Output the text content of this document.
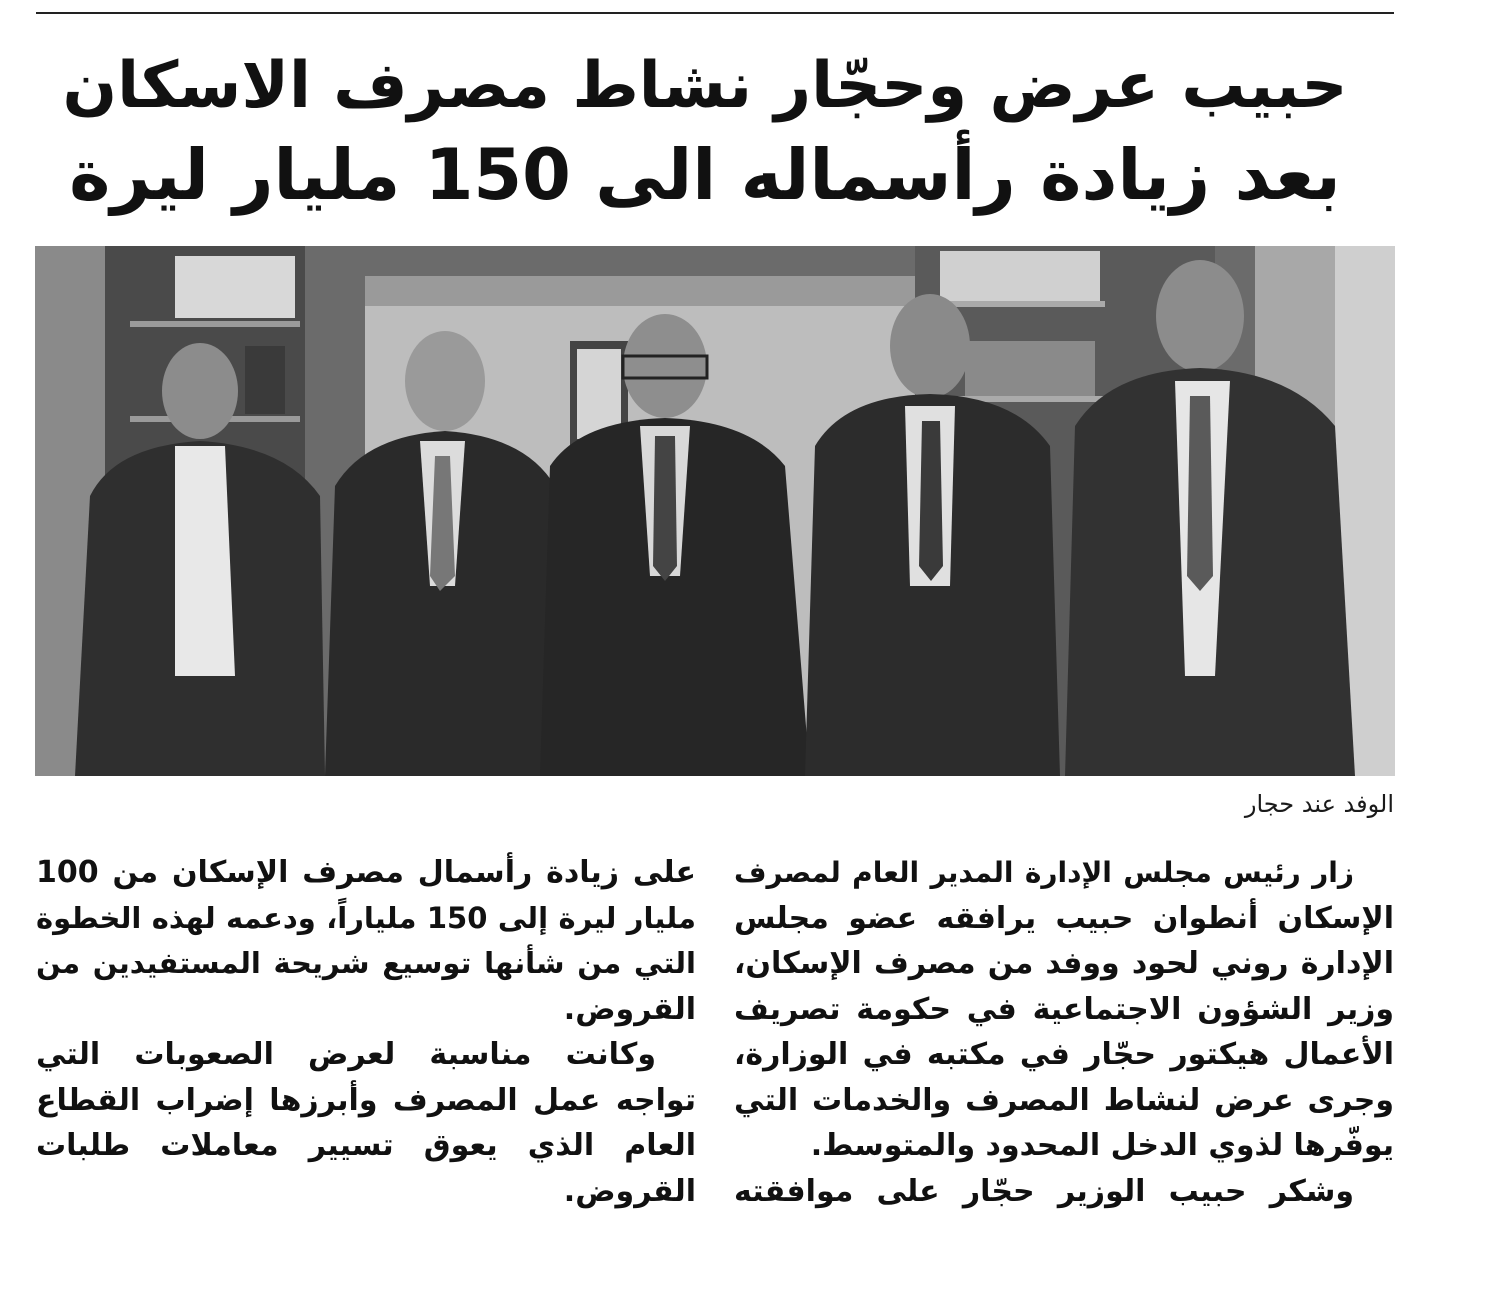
حبيب عرض وحجّار نشاط مصرف الاسكان
بعد زيادة رأسماله الى 150 مليار ليرة
الوفد عند حجار
زار رئيس مجلس الإدارة المدير العام لمصرف
الإسكان أنطوان حبيب يرافقه عضو مجلس
الإدارة روني لحود ووفد من مصرف الإسكان،
وزير الشؤون الاجتماعية في حكومة تصريف
الأعمال هيكتور حجّار في مكتبه في الوزارة،
وجرى عرض لنشاط المصرف والخدمات التي
يوفّرها لذوي الدخل المحدود والمتوسط.
وشكر حبيب الوزير حجّار على موافقته
على زيادة رأسمال مصرف الإسكان من 100
مليار ليرة إلى 150 ملياراً، ودعمه لهذه الخطوة
التي من شأنها توسيع شريحة المستفيدين من
القروض.
وكانت مناسبة لعرض الصعوبات التي
تواجه عمل المصرف وأبرزها إضراب القطاع
العام الذي يعوق تسيير معاملات طلبات
القروض.
